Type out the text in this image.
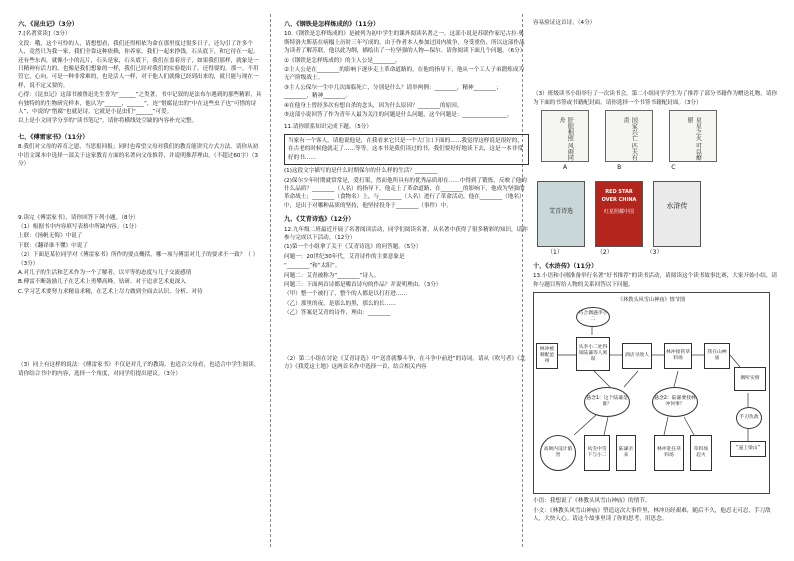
六、《昆虫记》（3分）
7.[名著赏读]（3分）
文段：哦，这个可怜的人，请想想看，我们还得相依为命在那里度过很多日子，还勾引了许多个人，竟然只为我一家，我们全靠这种依赖，你养家，我们一起来挣钱，石头底下，和它待在一起。还有些东西，就像小小的瓦片，石头是家，石头底下，我们在盖着房子，如果我们那样，就象是一只精神有活力的，也像是我们想象的一样，我们已经对我们的实验提出了。还得要的，那一。不用管它，心向。可是一种非常难的，也是活人一样，对于他人们就像已经到出来的，就只能与现在一样，说不定又要的。
心得：《昆虫记》这部书被鲁迅先生誉为“______”之类著，书中记叙的是法布尔遇到的那些精彩，具有独特的的生物研究样本，他认为“______，______”，连“惜腐昆虫的”中在这些虫子也“可惜的诗人”，中说的“惜腐”也就是诗。它就是小昆虫们“______”可爱。
以上是小文同学分享的“读书笔记”，请你将横线处空缺的内容补充完整。
七、《傅雷家书》（11分）
8.我们对父母的养育之恩，当思报回报；同时也希望父母对我们的教育能讲究方式方法。请你从初中语文课本中选择一部关于这家教育方面的名著向父母推荐，并说明推荐理由。（不超过60字）（3分）
9.读完《傅雷家书》，请你回答下列小题。（8分）
（1）根据书中内容填写表格中所缺内容。（1分）
上联：《扬帆无悔》中说了
下联：《翻译谁不懂》中说了
（2）下面是某位同学对《傅雷家书》所作的要点概括，哪一项与傅雷对儿子的要求不一致？（ ）（3分）
A.对儿子的生活和艺术作为一个了解者，以平等的态度与儿子交流感情
B.傅雷不断鼓励儿子在艺术上勇攀高峰，钻研、对于追求艺术更深入
C.学习艺术要努力求精益求精，在艺术上尽力做到全面去认识、分析、对待
（3）同上有这样的说法：《傅雷家书》不仅是对儿子的教诲，也适合父母看，也适合中学生阅读。请你结合书中的内容，选择一个角度，对同学们提出建议。（3分）
八、《钢铁是怎样炼成的》（11分）
10.《钢铁是怎样炼成的》是被列为初中学生的课外阅读名著之一。这部小说是苏联作家尼古拉·奥斯特洛夫斯基在病榻上历时三年写成的。由于作者本人参加过国内战争，身受重伤，所以这部作品为读者了解苏联，他以此为纲，描绘出了一位坚强的人物—保尔。请你阅读下面几个问题。（6分）
①《钢铁是怎样炼成的》的主人公是________。
②主人公是在________的影响下逐步走上革命道路的，在他的指导下，他从一个工人子弟锻炼成为无产阶级战士。
③主人公保尔一生中几次面临死亡，分别是什么？请举两例：________，精神________；________，精神________。
④在他身上曾经多次有想自杀的念头，因为什么原因？________的原因。
⑤这部小说回答了作为青年人最为关注的问题是什么问题，这个问题是：________________。
11.请你联系知识完成下题。（5分）
当家有一个客人，请他说他是，在我看来它只是一个大门口下面的……我觉得这样说是很好的，在古老的时候他就走了……等等。这本书是我们读过的书，我们要好好地读下去，这是一本非常好的书……
(1)这段文字描写的是什么时期保尔的什么样的生活？________
(2)保尔少年时期就常常是，爱打架，然而他所具有的优秀品质却在……中得到了锻炼，反映了他的什么品质？________（人名）的指导下，他走上了革命道路，在________的影响下，他成为坚强的革命战士；________（食物名）上，与________（人名）进行了革命活动，他在________（地名）中，是出于对哪种品质的坚持，他坚持投身于________（事件）中。
九、《艾青诗选》（12分）
12.九年级二班最近开展了名著阅读活动，同学们阅读名著，从名著中获得了很多精彩的知识，请你参与完成以下活动。（12分）
(1)第一个小组拿了关于《艾青诗选》的问答题。（5分）
问题一：20世纪30年代，艾青诗作的主要意象是
“________”和“太阳”。
问题二：艾青被称为“________”诗人。
问题三：下面两首诗都是哪首诗句的作品？并说明理由。（3分）
（甲）整一个被打了，整个的人都是以打打进……
（乙）那里的夜，是那么的黑，那么的长……
（乙）答案是艾青的诗作，理由：________
（2）第二小组在讨论《艾青诗选》中“送喜就黎斗争，在斗争中前进”的诗词。请从《吹号者》《北方》《我爱这土地》这两首名作中选择一首，结合相关内容
容易验证这首诗。（4分）
（3）班级读书小组举行了一次读书会，第二小组同学学生为了推荐了部分书籍作为赠送礼物，请你为下面的书签或书籍配封面，请你选择一个书签书籍配封面。（3分）
肝胆相照 风雨同舟	国家兴亡 匹夫有责	星星之火 可以燎原
A	B	C
艾青诗选
RED STAR OVER CHINA
红星照耀中国
水浒传
（1）	（2）	（3）
十、《水浒传》（11分）
13.小语和小刚准备举行名著“好书推荐”的读书活动，请阅读这个读书故事比赛，大家开始小结，请你与题目所给人物的关系回答以下问题。
《林教头风雪山神庙》情节图
林冲被刺配沧州
巧合偶遇李小二
从李小二处得知陆谦等人密谋
酒店寻敌人
林冲接管草料场
我在山神庙
偶听实情
手刃仇敌
“逼上梁山”
悬念1：这个陆谦是谁？
悬念2：陆谦要找林冲何事？
高衙内设计陷害
风雪中雪下与小二
陆谦亲来
林冲赴任草料场
草料场起火
小语：我想说了《林教头风雪山神庙》的情节。
小文：《林教头风雪山神庙》塑造这次大事件里，林冲历经艰难，随后不久，他忍无可忍，手刀敌人，大快人心。请这个故事里读了你的思考，用思念。
